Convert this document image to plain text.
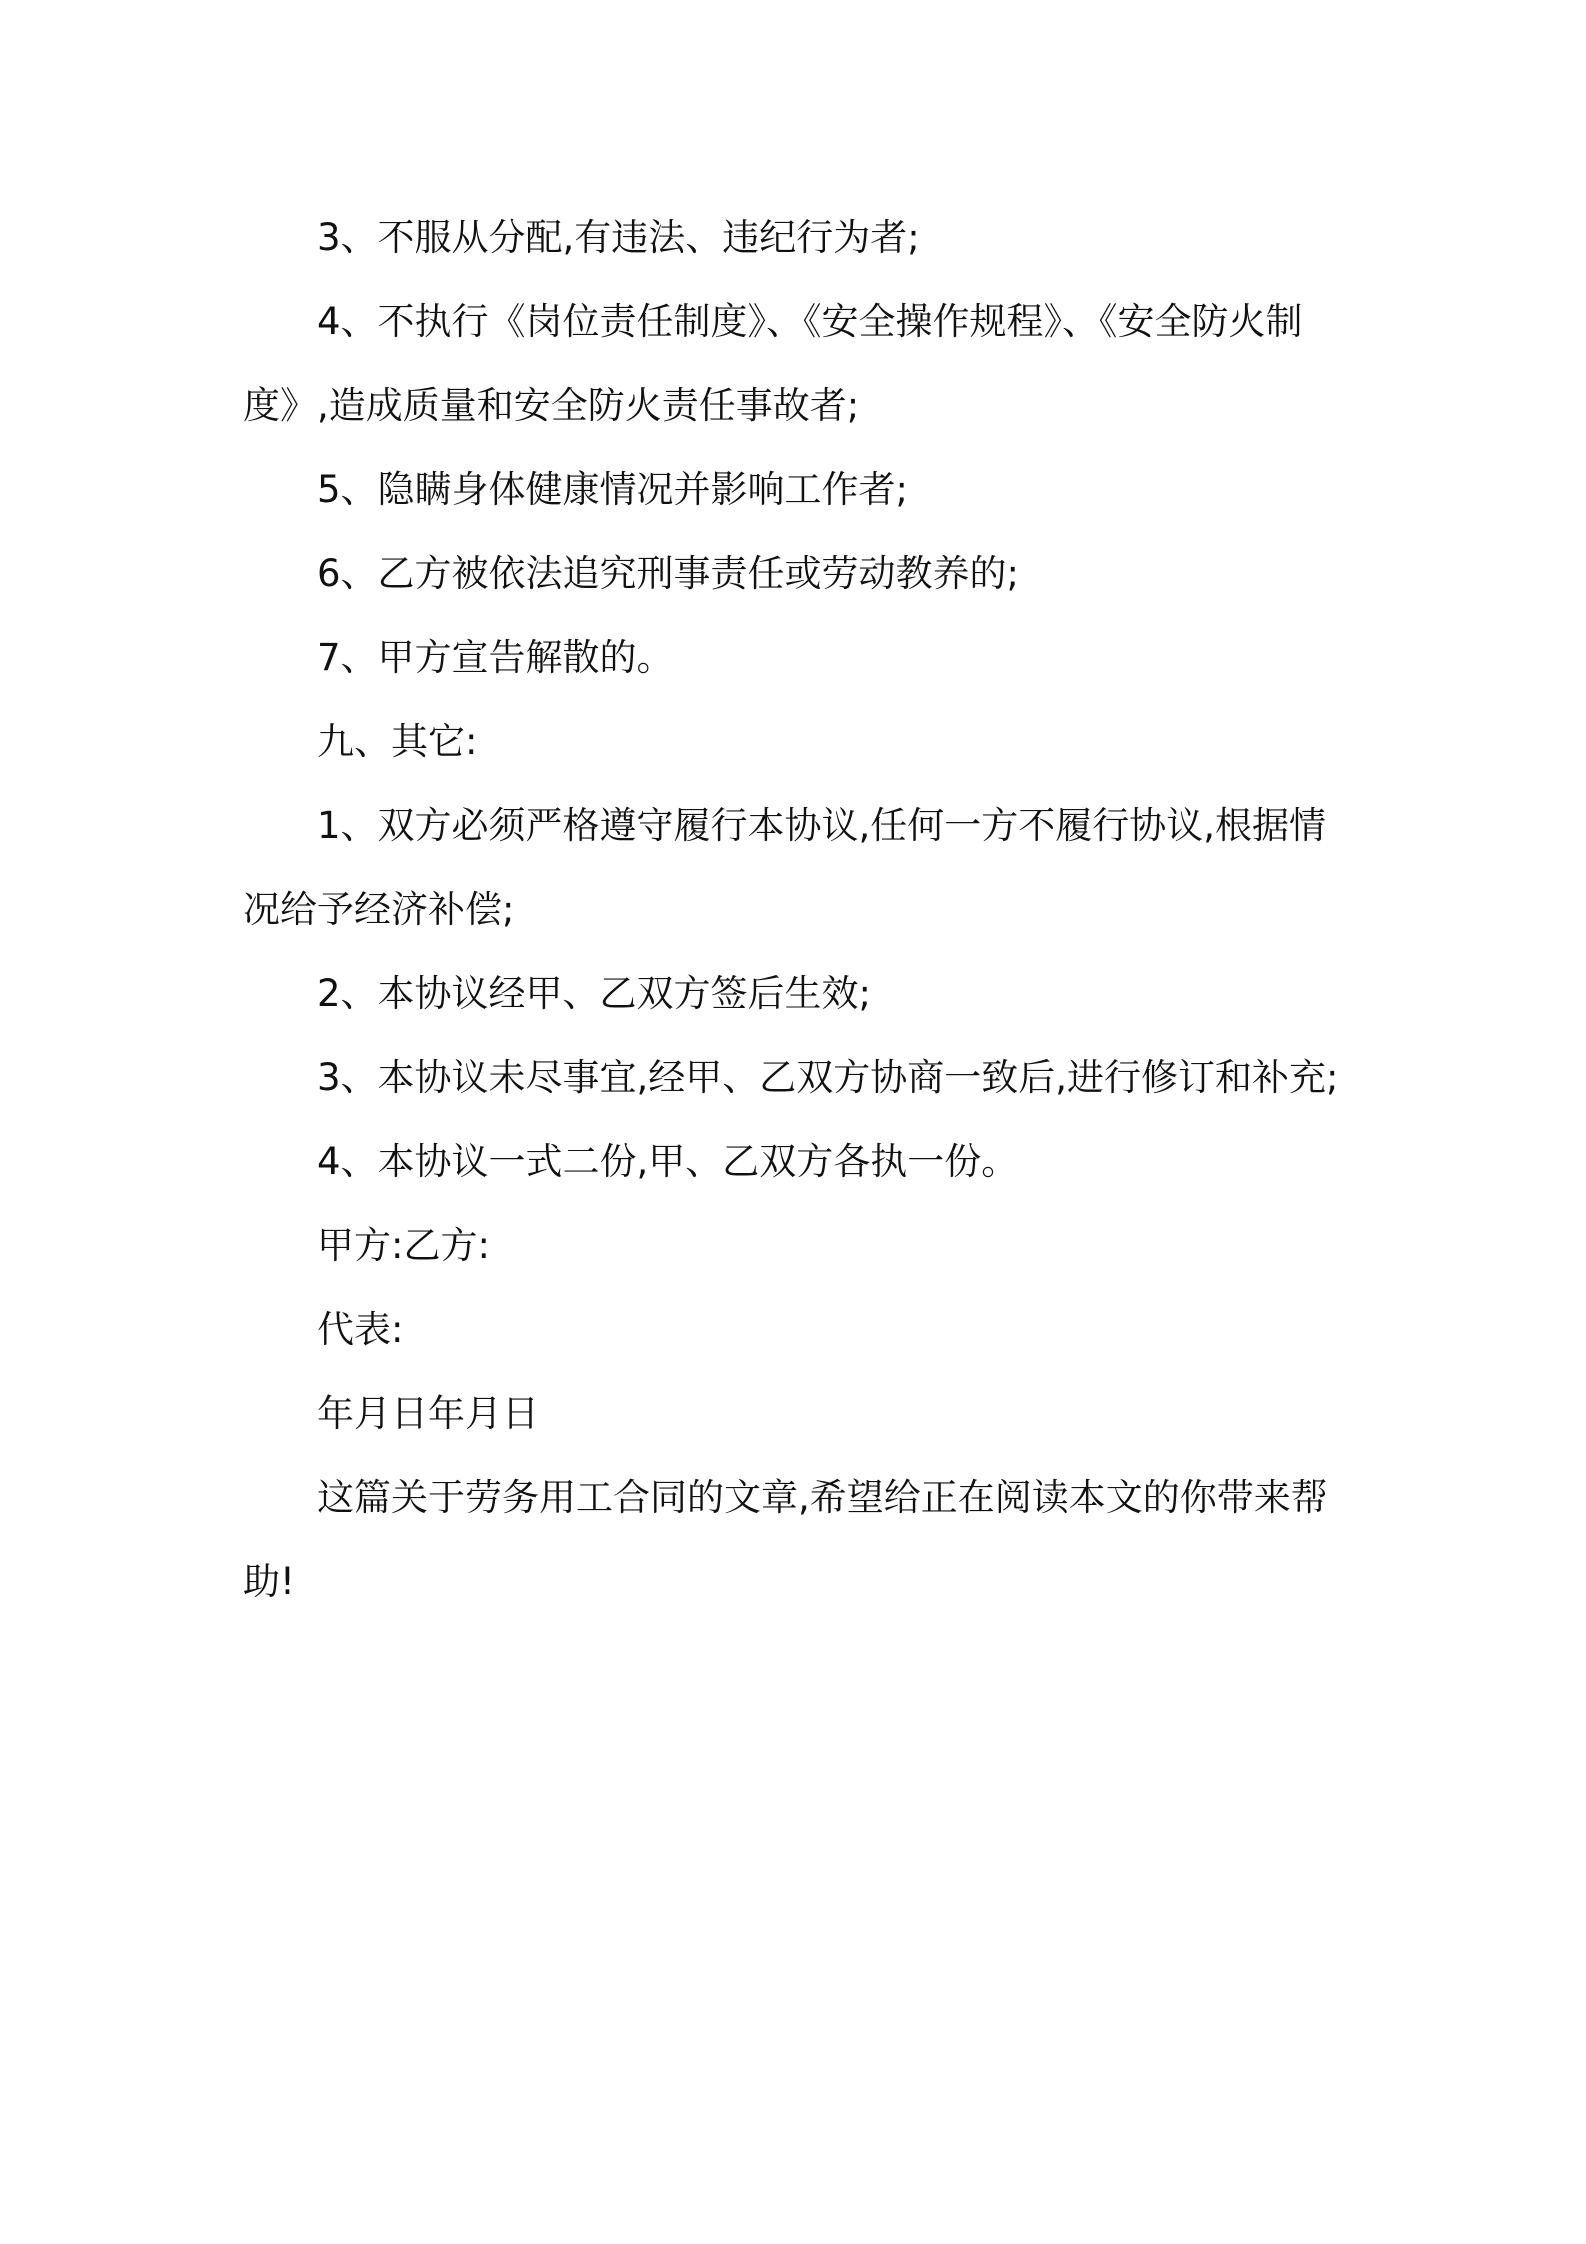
3、不服从分配,有违法、违纪行为者;

4、不执行《岗位责任制度》、《安全操作规程》、《安全防火制度》,造成质量和安全防火责任事故者;

5、隐瞒身体健康情况并影响工作者;

6、乙方被依法追究刑事责任或劳动教养的;

7、甲方宣告解散的。

九、其它:

1、双方必须严格遵守履行本协议,任何一方不履行协议,根据情况给予经济补偿;

2、本协议经甲、乙双方签后生效;

3、本协议未尽事宜,经甲、乙双方协商一致后,进行修订和补充;

4、本协议一式二份,甲、乙双方各执一份。

甲方:乙方:

代表:

年月日年月日

这篇关于劳务用工合同的文章,希望给正在阅读本文的你带来帮助!
